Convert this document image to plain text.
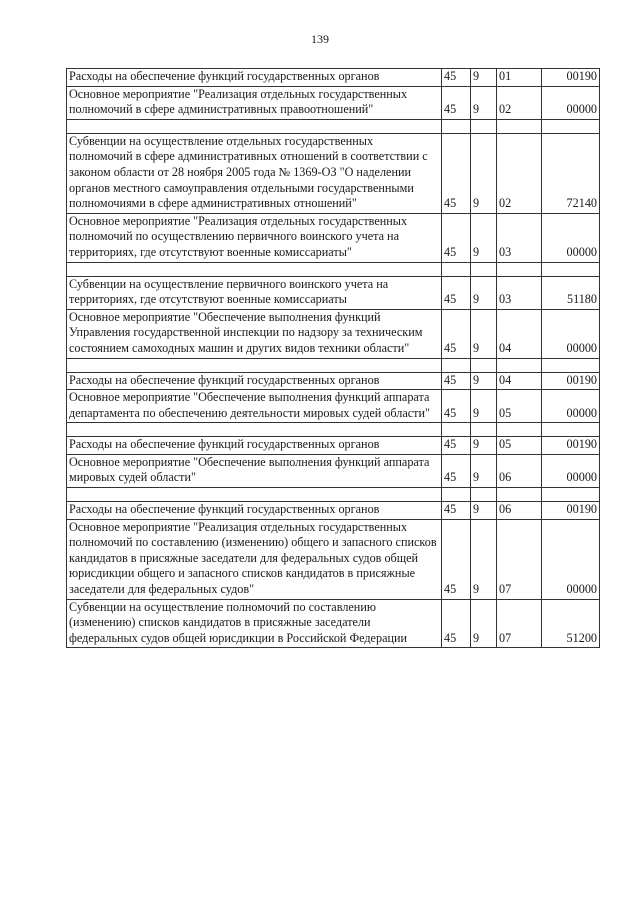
139
Расходы на обеспечение функций государственных органов	45	9	01	00190
Основное мероприятие "Реализация отдельных государственных полномочий в сфере административных правоотношений"	45	9	02	00000

Субвенции на осуществление отдельных государственных полномочий в сфере административных отношений в соответствии с законом области от 28 ноября 2005 года № 1369-ОЗ "О наделении органов местного самоуправления отдельными государственными полномочиями в сфере административных отношений"	45	9	02	72140
Основное мероприятие "Реализация отдельных государственных полномочий по осуществлению первичного воинского учета на территориях, где отсутствуют военные комиссариаты"	45	9	03	00000

Субвенции на осуществление первичного воинского учета на территориях, где отсутствуют военные комиссариаты	45	9	03	51180
Основное мероприятие "Обеспечение выполнения функций Управления государственной инспекции по надзору за техническим состоянием самоходных машин и других видов техники области"	45	9	04	00000

Расходы на обеспечение функций государственных органов	45	9	04	00190
Основное мероприятие "Обеспечение выполнения функций аппарата департамента по обеспечению деятельности мировых судей области"	45	9	05	00000

Расходы на обеспечение функций государственных органов	45	9	05	00190
Основное мероприятие "Обеспечение выполнения функций аппарата мировых судей области"	45	9	06	00000

Расходы на обеспечение функций государственных органов	45	9	06	00190
Основное мероприятие "Реализация отдельных государственных полномочий по составлению (изменению) общего и запасного списков кандидатов в присяжные заседатели для федеральных судов общей юрисдикции общего и запасного списков кандидатов в присяжные заседатели для федеральных судов"	45	9	07	00000
Субвенции на осуществление полномочий по составлению (изменению) списков кандидатов в присяжные заседатели федеральных судов общей юрисдикции в Российской Федерации	45	9	07	51200
